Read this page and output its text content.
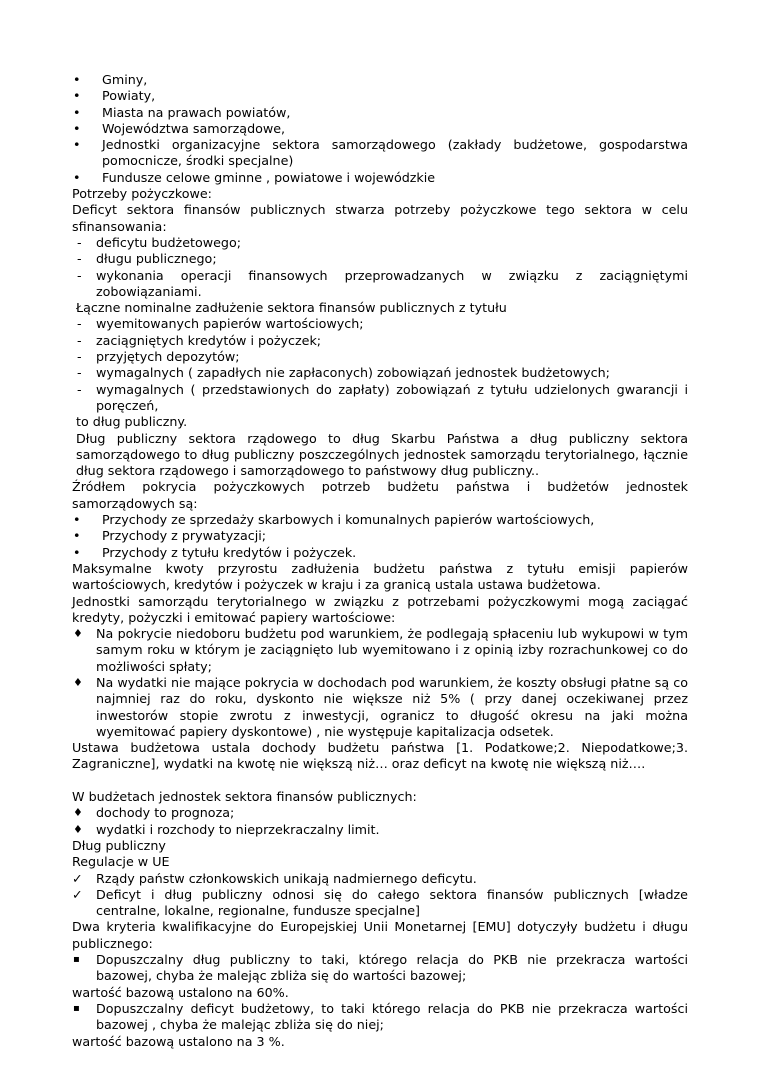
• Gminy,
• Powiaty,
• Miasta na prawach powiatów,
• Województwa samorządowe,
• Jednostki organizacyjne sektora samorządowego (zakłady budżetowe, gospodarstwa pomocnicze, środki specjalne)
• Fundusze celowe gminne , powiatowe i wojewódzkie

Potrzeby pożyczkowe:

Deficyt sektora finansów publicznych stwarza potrzeby pożyczkowe tego sektora w celu sfinansowania:

- deficytu budżetowego;
- długu publicznego;
- wykonania operacji finansowych przeprowadzanych w związku z zaciągniętymi zobowiązaniami.

Łączne nominalne zadłużenie sektora finansów publicznych z tytułu

- wyemitowanych papierów wartościowych;
- zaciągniętych kredytów i pożyczek;
- przyjętych depozytów;
- wymagalnych ( zapadłych nie zapłaconych) zobowiązań jednostek budżetowych;
- wymagalnych ( przedstawionych do zapłaty) zobowiązań z tytułu udzielonych gwarancji i poręczeń,

to dług publiczny.

Dług publiczny sektora rządowego to dług Skarbu Państwa a dług publiczny sektora samorządowego to dług publiczny poszczególnych jednostek samorządu terytorialnego, łącznie dług sektora rządowego i samorządowego to państwowy dług publiczny..

Źródłem pokrycia pożyczkowych potrzeb budżetu państwa i budżetów jednostek samorządowych są:

• Przychody ze sprzedaży skarbowych i komunalnych papierów wartościowych,
• Przychody z prywatyzacji;
• Przychody z tytułu kredytów i pożyczek.

Maksymalne kwoty przyrostu zadłużenia budżetu państwa z tytułu emisji papierów wartościowych, kredytów i pożyczek w kraju i za granicą ustala ustawa budżetowa.

Jednostki samorządu terytorialnego w związku z potrzebami pożyczkowymi mogą zaciągać kredyty, pożyczki i emitować papiery wartościowe:

♦ Na pokrycie niedoboru budżetu pod warunkiem, że podlegają spłaceniu lub wykupowi w tym samym roku w którym je zaciągnięto lub wyemitowano i z opinią izby rozrachunkowej co do możliwości spłaty;
♦ Na wydatki nie mające pokrycia w dochodach pod warunkiem, że koszty obsługi płatne są co najmniej raz do roku, dyskonto nie większe niż 5% ( przy danej oczekiwanej przez inwestorów stopie zwrotu z inwestycji, ogranicz to długość okresu na jaki można wyemitować papiery dyskontowe) , nie występuje kapitalizacja odsetek.

Ustawa budżetowa ustala dochody budżetu państwa [1. Podatkowe;2. Niepodatkowe;3. Zagraniczne], wydatki na kwotę nie większą niż… oraz deficyt na kwotę nie większą niż….

W budżetach jednostek sektora finansów publicznych:

♦ dochody to prognoza;
♦ wydatki i rozchody to nieprzekraczalny limit.

Dług publiczny

Regulacje w UE

✓ Rządy państw członkowskich unikają nadmiernego deficytu.
✓ Deficyt i dług publiczny odnosi się do całego sektora finansów publicznych [władze centralne, lokalne, regionalne, fundusze specjalne]

Dwa kryteria kwalifikacyjne do Europejskiej Unii Monetarnej [EMU] dotyczyły budżetu i długu publicznego:

▪ Dopuszczalny dług publiczny to taki, którego relacja do PKB nie przekracza wartości bazowej, chyba że malejąc zbliża się do wartości bazowej;

wartość bazową ustalono na 60%.

▪ Dopuszczalny deficyt budżetowy, to taki którego relacja do PKB nie przekracza wartości bazowej , chyba że malejąc zbliża się do niej;

wartość bazową ustalono na 3 %.
